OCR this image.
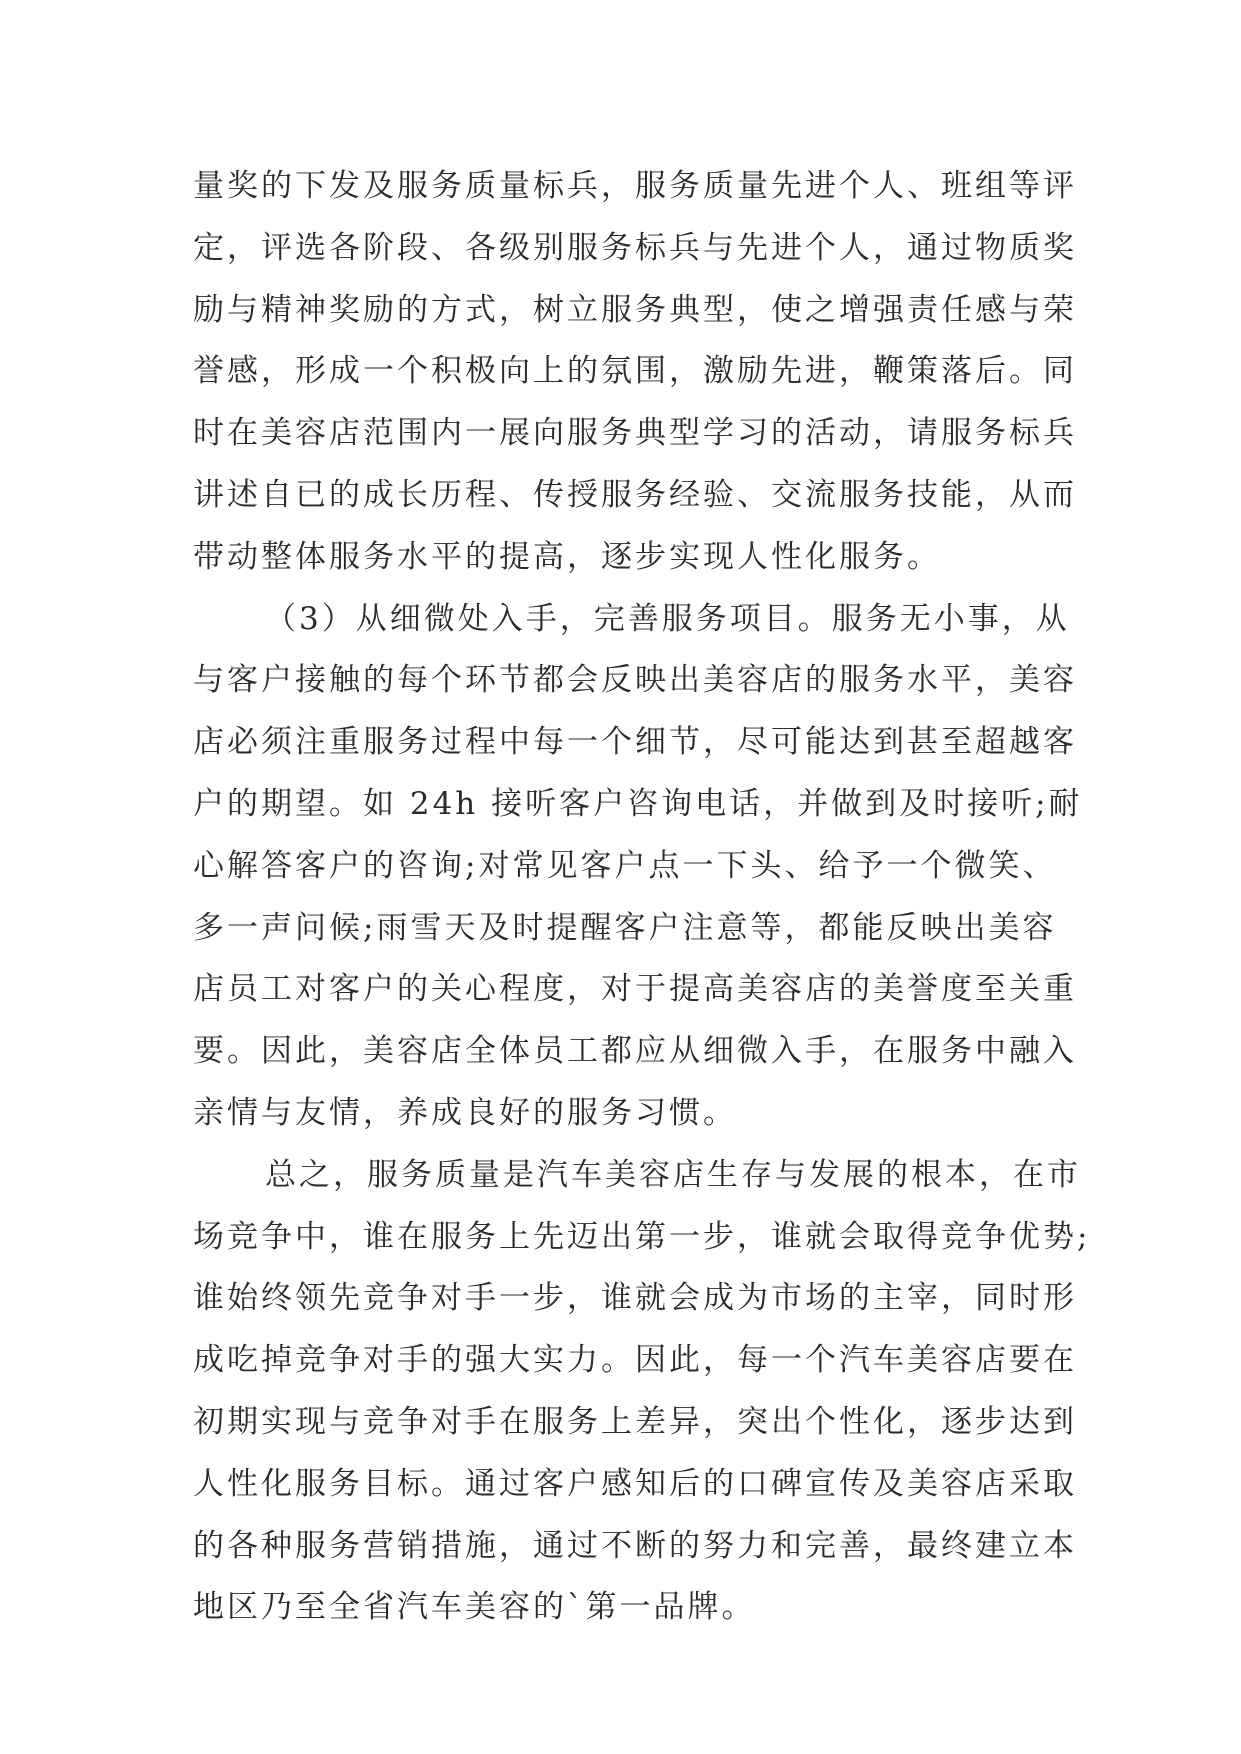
量奖的下发及服务质量标兵，服务质量先进个人、班组等评
定，评选各阶段、各级别服务标兵与先进个人，通过物质奖
励与精神奖励的方式，树立服务典型，使之增强责任感与荣
誉感，形成一个积极向上的氛围，激励先进，鞭策落后。同
时在美容店范围内一展向服务典型学习的活动，请服务标兵
讲述自已的成长历程、传授服务经验、交流服务技能，从而
带动整体服务水平的提高，逐步实现人性化服务。

（3）从细微处入手，完善服务项目。服务无小事，从
与客户接触的每个环节都会反映出美容店的服务水平，美容
店必须注重服务过程中每一个细节，尽可能达到甚至超越客
户的期望。如 24h 接听客户咨询电话，并做到及时接听;耐
心解答客户的咨询;对常见客户点一下头、给予一个微笑、
多一声问候;雨雪天及时提醒客户注意等，都能反映出美容
店员工对客户的关心程度，对于提高美容店的美誉度至关重
要。因此，美容店全体员工都应从细微入手，在服务中融入
亲情与友情，养成良好的服务习惯。

总之，服务质量是汽车美容店生存与发展的根本，在市
场竞争中，谁在服务上先迈出第一步，谁就会取得竞争优势;
谁始终领先竞争对手一步，谁就会成为市场的主宰，同时形
成吃掉竞争对手的强大实力。因此，每一个汽车美容店要在
初期实现与竞争对手在服务上差异，突出个性化，逐步达到
人性化服务目标。通过客户感知后的口碑宣传及美容店采取
的各种服务营销措施，通过不断的努力和完善，最终建立本
地区乃至全省汽车美容的`第一品牌。
